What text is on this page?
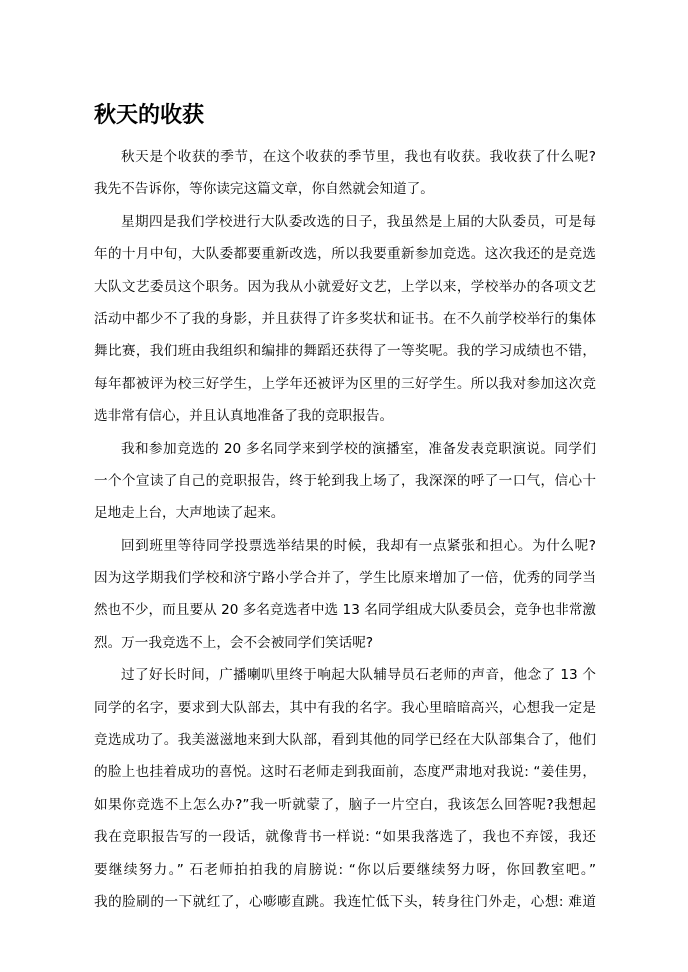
秋天的收获
秋天是个收获的季节，在这个收获的季节里，我也有收获。我收获了什么呢?
我先不告诉你，等你读完这篇文章，你自然就会知道了。
星期四是我们学校进行大队委改选的日子，我虽然是上届的大队委员，可是每
年的十月中旬，大队委都要重新改选，所以我要重新参加竞选。这次我还的是竞选
大队文艺委员这个职务。因为我从小就爱好文艺，上学以来，学校举办的各项文艺
活动中都少不了我的身影，并且获得了许多奖状和证书。在不久前学校举行的集体
舞比赛，我们班由我组织和编排的舞蹈还获得了一等奖呢。我的学习成绩也不错，
每年都被评为校三好学生，上学年还被评为区里的三好学生。所以我对参加这次竞
选非常有信心，并且认真地准备了我的竞职报告。
我和参加竞选的 20 多名同学来到学校的演播室，准备发表竞职演说。同学们
一个个宣读了自己的竞职报告，终于轮到我上场了，我深深的呼了一口气，信心十
足地走上台，大声地读了起来。
回到班里等待同学投票选举结果的时候，我却有一点紧张和担心。为什么呢?
因为这学期我们学校和济宁路小学合并了，学生比原来增加了一倍，优秀的同学当
然也不少，而且要从 20 多名竞选者中选 13 名同学组成大队委员会，竞争也非常激
烈。万一我竞选不上，会不会被同学们笑话呢?
过了好长时间，广播喇叭里终于响起大队辅导员石老师的声音，他念了 13 个
同学的名字，要求到大队部去，其中有我的名字。我心里暗暗高兴，心想我一定是
竞选成功了。我美滋滋地来到大队部，看到其他的同学已经在大队部集合了，他们
的脸上也挂着成功的喜悦。这时石老师走到我面前，态度严肃地对我说: “姜佳男，
如果你竞选不上怎么办?”我一听就蒙了，脑子一片空白，我该怎么回答呢?我想起
我在竞职报告写的一段话，就像背书一样说: “如果我落选了，我也不弃馁，我还
要继续努力。” 石老师拍拍我的肩膀说: “你以后要继续努力呀，你回教室吧。”
我的脸刷的一下就红了，心嘭嘭直跳。我连忙低下头，转身往门外走，心想: 难道
